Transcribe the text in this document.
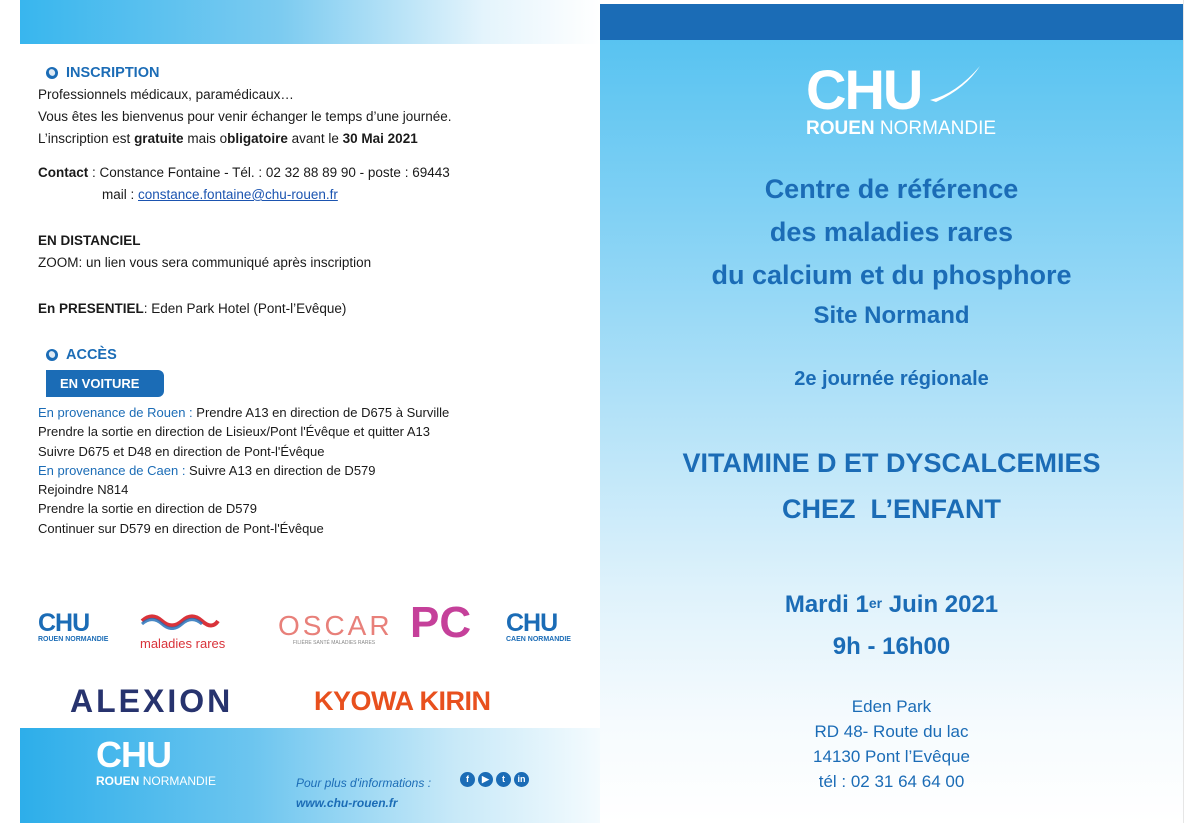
INSCRIPTION
Professionnels médicaux, paramédicaux…
Vous êtes les bienvenus pour venir échanger le temps d’une journée.
L’inscription est gratuite mais obligatoire avant le 30 Mai 2021
Contact : Constance Fontaine - Tél. : 02 32 88 89 90 - poste : 69443
mail : constance.fontaine@chu-rouen.fr
EN DISTANCIEL
ZOOM: un lien vous sera communiqué après inscription
En PRESENTIEL: Eden Park Hotel (Pont-l’Evêque)
ACCÈS
EN VOITURE
En provenance de Rouen : Prendre A13 en direction de D675 à Surville
Prendre la sortie en direction de Lisieux/Pont l'Évêque et quitter A13
Suivre D675 et D48 en direction de Pont-l'Évêque
En provenance de Caen : Suivre A13 en direction de D579
Rejoindre N814
Prendre la sortie en direction de D579
Continuer sur D579 en direction de Pont-l'Évêque
CHU
ROUEN NORMANDIE maladies rares
OSCAR
FILIÈRE SANTÉ MALADIES RARES PC CHU
CAEN NORMANDIE
ALEXION	KYOWA KIRIN
CHU
ROUEN NORMANDIE	Pour plus d'informations :
www.chu-rouen.fr
f	▶	t	in
CHU
ROUEN NORMANDIE
Centre de référence
des maladies rares
du calcium et du phosphore
Site Normand
2e journée régionale
VITAMINE D ET DYSCALCEMIES
CHEZ  L’ENFANT
Mardi 1er Juin 2021
9h - 16h00
Eden Park
RD 48- Route du lac
14130 Pont l’Evêque
tél : 02 31 64 64 00
